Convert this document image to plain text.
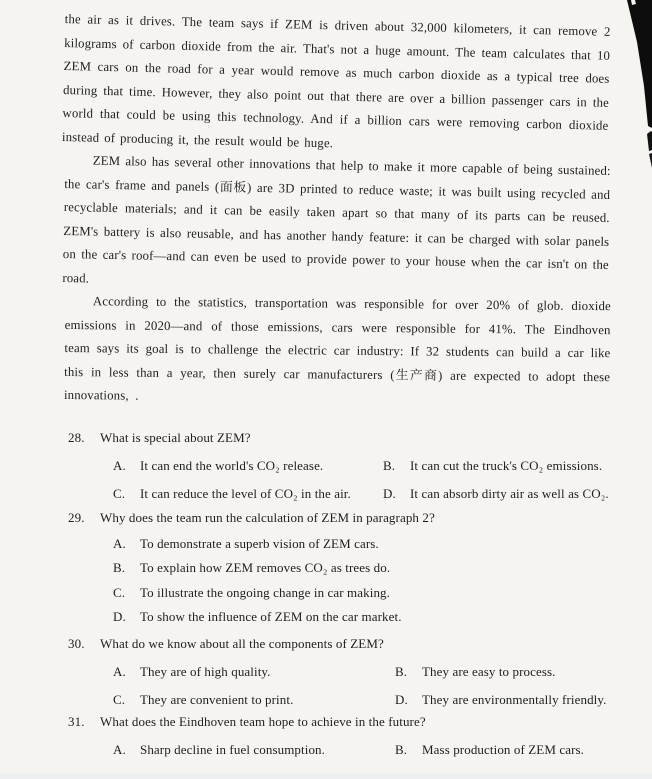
the air as it drives. The team says if ZEM is driven about 32,000 kilometers, it can remove 2 kilograms of carbon dioxide from the air. That's not a huge amount. The team calculates that 10 ZEM cars on the road for a year would remove as much carbon dioxide as a typical tree does during that time. However, they also point out that there are over a billion passenger cars in the world that could be using this technology. And if a billion cars were removing carbon dioxide instead of producing it, the result would be huge.

ZEM also has several other innovations that help to make it more capable of being sustained: the car's frame and panels (面板) are 3D printed to reduce waste; it was built using recycled and recyclable materials; and it can be easily taken apart so that many of its parts can be reused. ZEM's battery is also reusable, and has another handy feature: it can be charged with solar panels on the car's roof—and can even be used to provide power to your house when the car isn't on the road.

According to the statistics, transportation was responsible for over 20% of glob. dioxide emissions in 2020—and of those emissions, cars were responsible for 41%. The Eindhoven team says its goal is to challenge the electric car industry: If 32 students can build a car like this in less than a year, then surely car manufacturers (生产商) are expected to adopt these innovations, .

28. What is special about ZEM?
A. It can end the world's CO₂ release.	B. It can cut the truck's CO₂ emissions.
C. It can reduce the level of CO₂ in the air.	D. It can absorb dirty air as well as CO₂.
29. Why does the team run the calculation of ZEM in paragraph 2?
A. To demonstrate a superb vision of ZEM cars.
B. To explain how ZEM removes CO₂ as trees do.
C. To illustrate the ongoing change in car making.
D. To show the influence of ZEM on the car market.
30. What do we know about all the components of ZEM?
A. They are of high quality.	B. They are easy to process.
C. They are convenient to print.	D. They are environmentally friendly.
31. What does the Eindhoven team hope to achieve in the future?
A. Sharp decline in fuel consumption.	B. Mass production of ZEM cars.
